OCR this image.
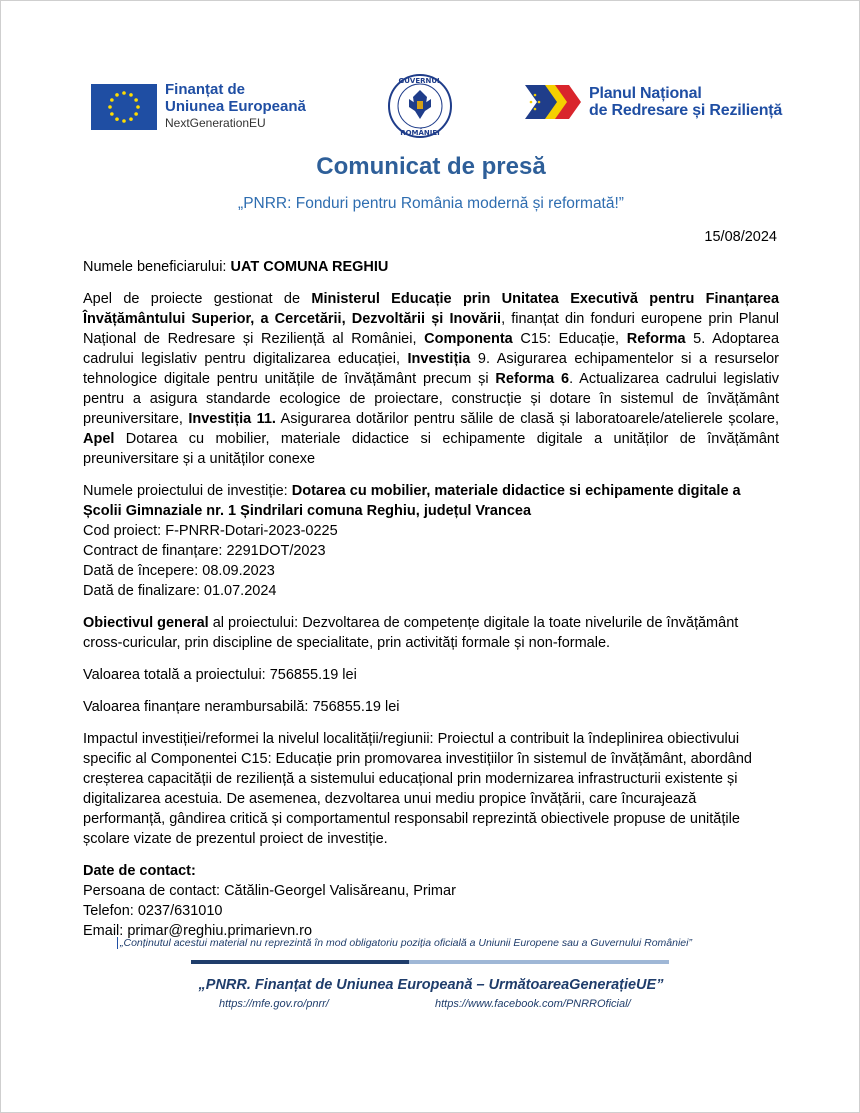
Finanțat de
Uniunea Europeană
NextGenerationEU
GUVERNUL
ROMÂNIEI
Planul Național
de Redresare și Reziliență
Comunicat de presă
„PNRR: Fonduri pentru România modernă și reformată!”
15/08/2024

Numele beneficiarului: UAT COMUNA REGHIU

Apel de proiecte gestionat de Ministerul Educație prin Unitatea Executivă pentru Finanțarea Învățământului Superior, a Cercetării, Dezvoltării și Inovării, finanțat din fonduri europene prin Planul Național de Redresare și Reziliență al României, Componenta C15: Educație, Reforma 5. Adoptarea cadrului legislativ pentru digitalizarea educației, Investiția 9. Asigurarea echipamentelor si a resurselor tehnologice digitale pentru unitățile de învățământ precum și Reforma 6. Actualizarea cadrului legislativ pentru a asigura standarde ecologice de proiectare, construcție și dotare în sistemul de învățământ preuniversitare, Investiția 11. Asigurarea dotărilor pentru sălile de clasă și laboratoarele/atelierele școlare, Apel Dotarea cu mobilier, materiale didactice si echipamente digitale a unităților de învățământ preuniversitare și a unităților conexe

Numele proiectului de investiție: Dotarea cu mobilier, materiale didactice si echipamente digitale a Școlii Gimnaziale nr. 1 Șindrilari comuna Reghiu, județul Vrancea
Cod proiect: F-PNRR-Dotari-2023-0225
Contract de finanțare: 2291DOT/2023
Dată de începere: 08.09.2023
Dată de finalizare: 01.07.2024

Obiectivul general al proiectului: Dezvoltarea de competențe digitale la toate nivelurile de învățământ cross-curicular, prin discipline de specialitate, prin activități formale și non-formale.

Valoarea totală a proiectului: 756855.19 lei

Valoarea finanțare nerambursabilă: 756855.19 lei

Impactul investiției/reformei la nivelul localității/regiunii: Proiectul a contribuit la îndeplinirea obiectivului specific al Componentei C15: Educație prin promovarea investițiilor în sistemul de învățământ, abordând creșterea capacității de reziliență a sistemului educațional prin modernizarea infrastructurii existente și digitalizarea acestuia. De asemenea, dezvoltarea unui mediu propice învățării, care încurajează performanță, gândirea critică și comportamentul responsabil reprezintă obiectivele propuse de unitățile școlare vizate de prezentul proiect de investiție.

Date de contact:
Persoana de contact: Cătălin-Georgel Valisăreanu, Primar
Telefon: 0237/631010
Email: primar@reghiu.primarievn.ro

„Conținutul acestui material nu reprezintă în mod obligatoriu poziția oficială a Uniunii Europene sau a Guvernului României”
„PNRR. Finanțat de Uniunea Europeană – UrmătoareaGenerațieUE”
https://mfe.gov.ro/pnrr/	https://www.facebook.com/PNRROficial/
